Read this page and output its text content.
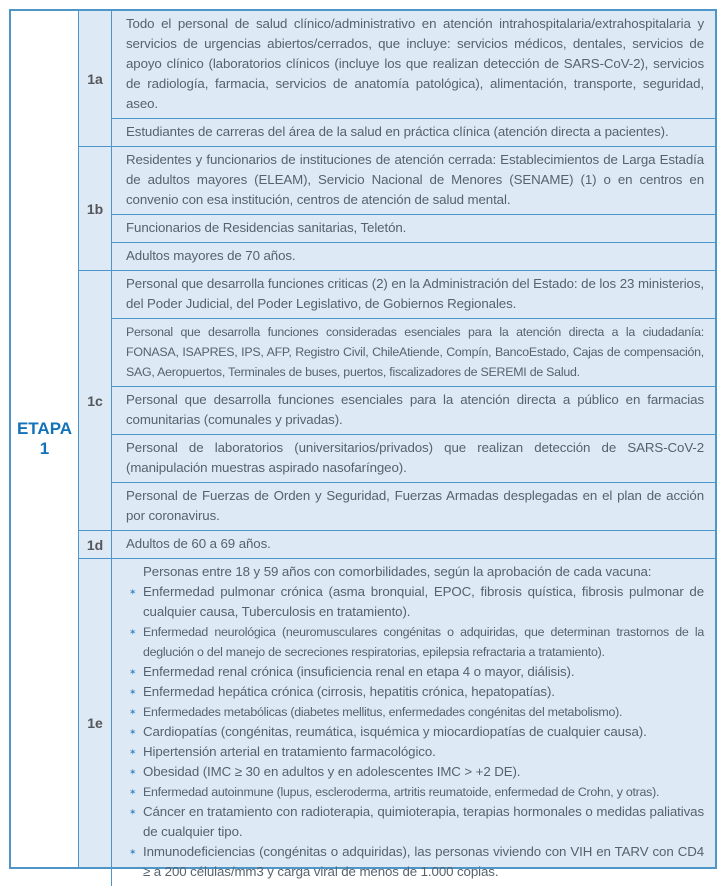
ETAPA
1
1a
Todo el personal de salud clínico/administrativo en atención intrahospitalaria/​extrahospitalaria y servicios de urgencias abiertos/cerrados, que incluye: servicios médicos, dentales, servicios de apoyo clínico (laboratorios clínicos (incluye los que realizan detección de SARS-CoV-2), servicios de radiología, farmacia, servicios de anatomía patológica), alimentación, transporte, seguridad, aseo.
Estudiantes de carreras del área de la salud en práctica clínica (atención directa a pacientes).
1b
Residentes y funcionarios de instituciones de atención cerrada: Establecimientos de Larga Estadía de adultos mayores (ELEAM), Servicio Nacional de Menores (SENAME) (1) o en centros en convenio con esa institución, centros de atención de salud mental.
Funcionarios de Residencias sanitarias, Teletón.
Adultos mayores de 70 años.
1c
Personal que desarrolla funciones criticas (2) en la Administración del Estado: de los 23 ministerios, del Poder Judicial, del Poder Legislativo, de Gobiernos Regionales.
Personal que desarrolla funciones consideradas esenciales para la atención directa a la ciudadanía: FONASA, ISAPRES, IPS, AFP, Registro Civil, ChileAtiende, Compín, BancoEstado, Cajas de compensación, SAG, Aeropuertos, Terminales de buses, puertos, fiscalizadores de SEREMI de Salud.
Personal que desarrolla funciones esenciales para la atención directa a público en farmacias comunitarias (comunales y privadas).
Personal de laboratorios (universitarios/privados) que realizan detección de SARS-CoV-2 (manipulación muestras aspirado nasofaríngeo).
Personal de Fuerzas de Orden y Seguridad, Fuerzas Armadas desplegadas en el plan de acción por coronavirus.
1d	Adultos de 60 a 69 años.
1e
Personas entre 18 y 59 años con comorbilidades, según la aprobación de cada vacuna:
✶ Enfermedad pulmonar crónica (asma bronquial, EPOC, fibrosis quística, fibrosis pulmonar de cualquier causa, Tuberculosis en tratamiento).
✶ Enfermedad neurológica (neuromusculares congénitas o adquiridas, que determinan trastornos de la deglución o del manejo de secreciones respiratorias, epilepsia refractaria a tratamiento).
✶ Enfermedad renal crónica (insuficiencia renal en etapa 4 o mayor, diálisis).
✶ Enfermedad hepática crónica (cirrosis, hepatitis crónica, hepatopatías).
✶ Enfermedades metabólicas (diabetes mellitus, enfermedades congénitas del metabolismo).
✶ Cardiopatías (congénitas, reumática, isquémica y miocardiopatías de cualquier causa).
✶ Hipertensión arterial en tratamiento farmacológico.
✶ Obesidad (IMC ≥ 30 en adultos y en adolescentes IMC > +2 DE).
✶ Enfermedad autoinmune (lupus, escleroderma, artritis reumatoide, enfermedad de Crohn, y otras).
✶ Cáncer en tratamiento con radioterapia, quimioterapia, terapias hormonales o medidas paliativas de cualquier tipo.
✶ Inmunodeficiencias (congénitas o adquiridas), las personas viviendo con VIH en TARV con CD4 ≥ a 200 células/mm3 y carga viral de menos de 1.000 copias.
